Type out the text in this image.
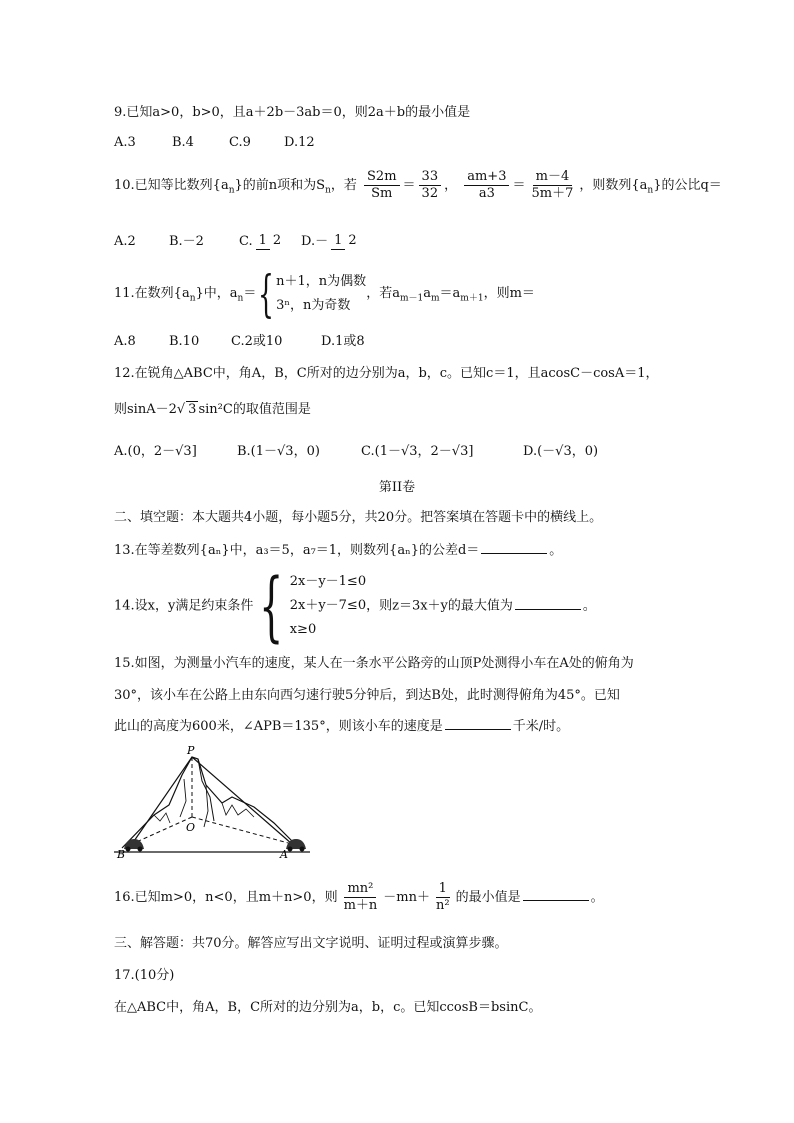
9.已知a>0，b>0，且a＋2b－3ab＝0，则2a＋b的最小值是
A.3	B.4	C.9	D.12
10.已知等比数列$\{a_n\}$的前n项和为$S_n$，若 $\frac{S2m}{Sm} = \frac{33}{32}$ ， $\frac{am+3}{a3} = \frac{m-4}{5m+7}$ ，则数列$\{a_n\}$的公比q＝
A.2	B.－2	C. 1 2 D.－ 1 2
11.在数列$\{a_n\}$中，$a_n=$ { n＋1，n为偶数
3ⁿ，n为奇数
，若$a_{m-1}a_m=a_{m+1}$，则m＝
A.8	B.10 C.2或10	D.1或8
12.在锐角△ABC中，角A，B，C所对的边分别为a，b，c。已知c＝1，且acosC－cosA＝1，
则sinA－2√ 3 sin²C的取值范围是
A.(0，2－√3]	B.(1－√3，0)	C.(1－√3，2－√3]	D.(－√3，0)
第II卷
二、填空题：本大题共4小题，每小题5分，共20分。把答案填在答题卡中的横线上。
13.在等差数列{aₙ}中，a₃＝5，a₇＝1，则数列{aₙ}的公差d＝	。
14.设x，y满足约束条件 { 2x－y－1≤0
2x＋y－7≤0
x≥0
，则z＝3x＋y的最大值为	。
15.如图，为测量小汽车的速度，某人在一条水平公路旁的山顶P处测得小车在A处的俯角为
30°，该小车在公路上由东向西匀速行驶5分钟后，到达B处，此时测得俯角为45°。已知
此山的高度为600米，∠APB＝135°，则该小车的速度是	千米/时。
P
O
A
B
16.已知m>0，n<0，且m＋n>0，则 $\frac{\text{mn²}}{m+n} -mn+ \frac{1}{\text{n²}}$ 的最小值是	。
三、解答题：共70分。解答应写出文字说明、证明过程或演算步骤。
17.(10分)
在△ABC中，角A，B，C所对的边分别为a，b，c。已知ccosB＝bsinC。
